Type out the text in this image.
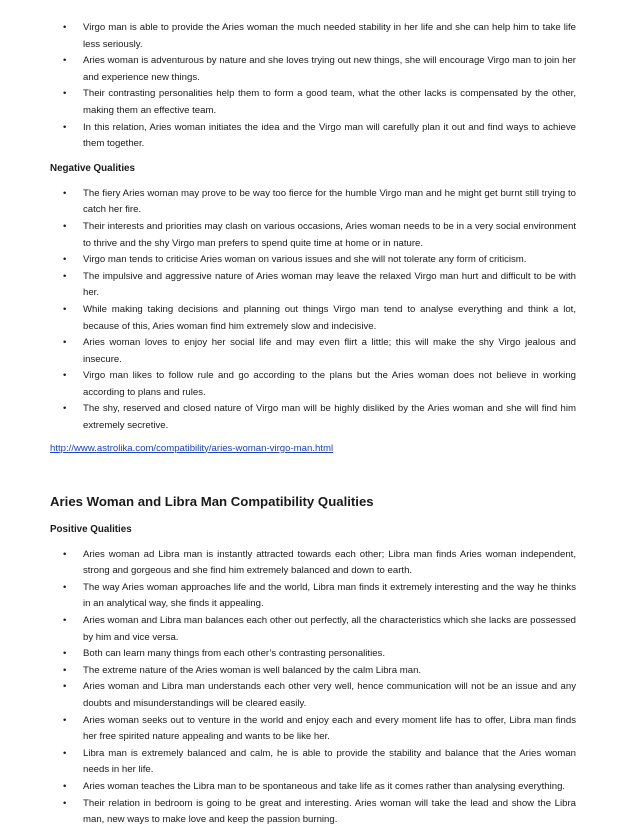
• Virgo man is able to provide the Aries woman the much needed stability in her life and she can help him to take life less seriously.
• Aries woman is adventurous by nature and she loves trying out new things, she will encourage Virgo man to join her and experience new things.
• Their contrasting personalities help them to form a good team, what the other lacks is compensated by the other, making them an effective team.
• In this relation, Aries woman initiates the idea and the Virgo man will carefully plan it out and find ways to achieve them together.

Negative Qualities

• The fiery Aries woman may prove to be way too fierce for the humble Virgo man and he might get burnt still trying to catch her fire.
• Their interests and priorities may clash on various occasions, Aries woman needs to be in a very social environment to thrive and the shy Virgo man prefers to spend quite time at home or in nature.
• Virgo man tends to criticise Aries woman on various issues and she will not tolerate any form of criticism.
• The impulsive and aggressive nature of Aries woman may leave the relaxed Virgo man hurt and difficult to be with her.
• While making taking decisions and planning out things Virgo man tend to analyse everything and think a lot, because of this, Aries woman find him extremely slow and indecisive.
• Aries woman loves to enjoy her social life and may even flirt a little; this will make the shy Virgo jealous and insecure.
• Virgo man likes to follow rule and go according to the plans but the Aries woman does not believe in working according to plans and rules.
• The shy, reserved and closed nature of Virgo man will be highly disliked by the Aries woman and she will find him extremely secretive.
http://www.astrolika.com/compatibility/aries-woman-virgo-man.html

Aries Woman and Libra Man Compatibility Qualities

Positive Qualities

• Aries woman ad Libra man is instantly attracted towards each other; Libra man finds Aries woman independent, strong and gorgeous and she find him extremely balanced and down to earth.
• The way Aries woman approaches life and the world, Libra man finds it extremely interesting and the way he thinks in an analytical way, she finds it appealing.
• Aries woman and Libra man balances each other out perfectly, all the characteristics which she lacks are possessed by him and vice versa.
• Both can learn many things from each other’s contrasting personalities.
• The extreme nature of the Aries woman is well balanced by the calm Libra man.
• Aries woman and Libra man understands each other very well, hence communication will not be an issue and any doubts and misunderstandings will be cleared easily.
• Aries woman seeks out to venture in the world and enjoy each and every moment life has to offer, Libra man finds her free spirited nature appealing and wants to be like her.
• Libra man is extremely balanced and calm, he is able to provide the stability and balance that the Aries woman needs in her life.
• Aries woman teaches the Libra man to be spontaneous and take life as it comes rather than analysing everything.
• Their relation in bedroom is going to be great and interesting. Aries woman will take the lead and show the Libra man, new ways to make love and keep the passion burning.
